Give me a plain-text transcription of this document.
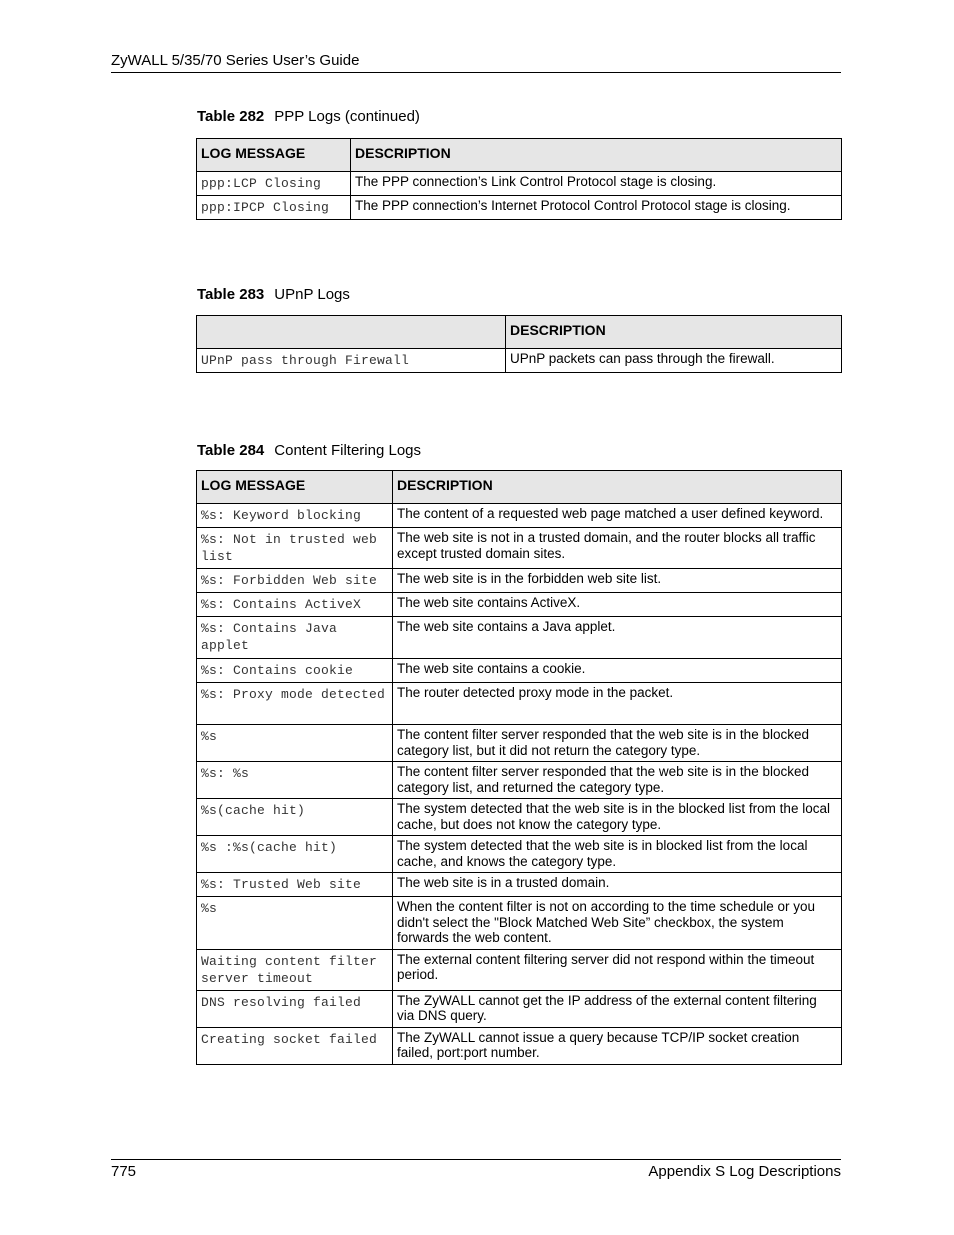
ZyWALL 5/35/70 Series User’s Guide
Table 282 PPP Logs (continued)
LOG MESSAGE	DESCRIPTION
ppp:LCP Closing	The PPP connection’s Link Control Protocol stage is closing.
ppp:IPCP Closing	The PPP connection’s Internet Protocol Control Protocol stage is closing.
Table 283 UPnP Logs
	DESCRIPTION
UPnP pass through Firewall	UPnP packets can pass through the firewall.
Table 284 Content Filtering Logs
LOG MESSAGE	DESCRIPTION
%s: Keyword blocking	The content of a requested web page matched a user defined keyword.
%s: Not in trusted web list	The web site is not in a trusted domain, and the router blocks all traffic except trusted domain sites.
%s: Forbidden Web site	The web site is in the forbidden web site list.
%s: Contains ActiveX	The web site contains ActiveX.
%s: Contains Java applet	The web site contains a Java applet.
%s: Contains cookie	The web site contains a cookie.
%s: Proxy mode detected	The router detected proxy mode in the packet.
%s	The content filter server responded that the web site is in the blocked category list, but it did not return the category type.
%s: %s	The content filter server responded that the web site is in the blocked category list, and returned the category type.
%s(cache hit)	The system detected that the web site is in the blocked list from the local cache, but does not know the category type.
%s :%s(cache hit)	The system detected that the web site is in blocked list from the local cache, and knows the category type.
%s: Trusted Web site	The web site is in a trusted domain.
%s	When the content filter is not on according to the time schedule or you didn't select the "Block Matched Web Site” checkbox, the system forwards the web content.
Waiting content filter server timeout	The external content filtering server did not respond within the timeout period.
DNS resolving failed	The ZyWALL cannot get the IP address of the external content filtering via DNS query.
Creating socket failed	The ZyWALL cannot issue a query because TCP/IP socket creation failed, port:port number.
775	Appendix S Log Descriptions
